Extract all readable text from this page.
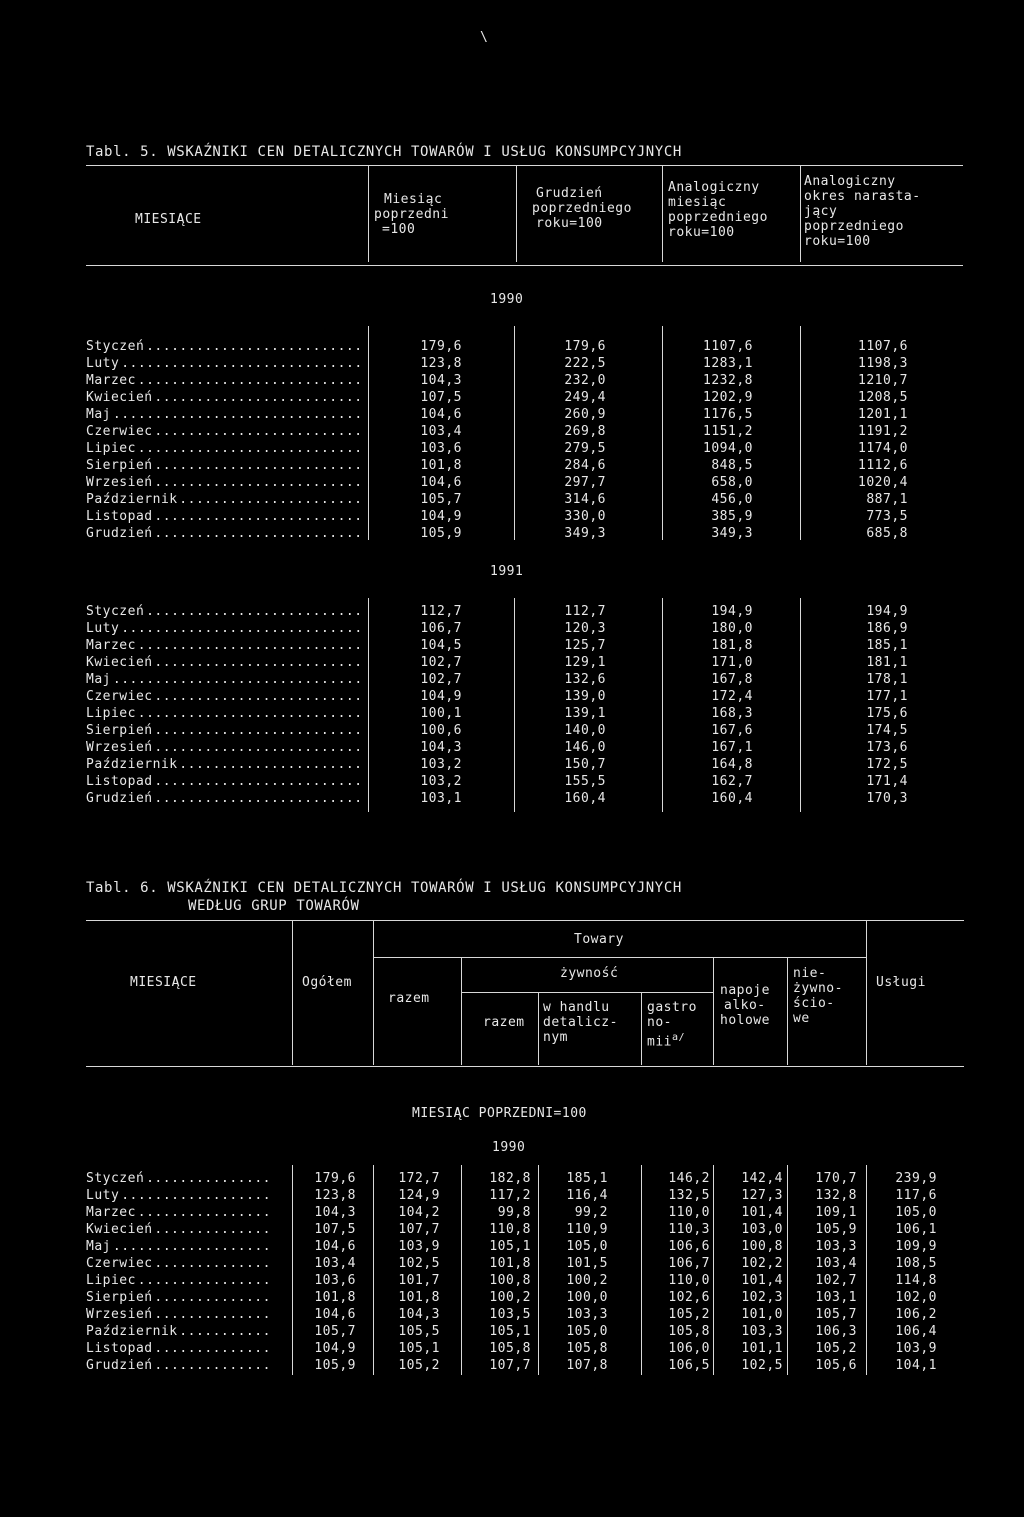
\
Tabl. 5. WSKAŹNIKI CEN DETALICZNYCH TOWARÓW I USŁUG KONSUMPCYJNYCH
MIESIĄCE
Miesiąc
poprzedni
=100
Grudzień
poprzedniego
roku=100
Analogiczny
miesiąc
poprzedniego
roku=100
Analogiczny
okres narasta-
jący
poprzedniego
roku=100
1990
Styczeń ..........................	179,6	179,6	1107,6	1107,6
Luty .............................	123,8	222,5	1283,1	1198,3
Marzec ...........................	104,3	232,0	1232,8	1210,7
Kwiecień .........................	107,5	249,4	1202,9	1208,5
Maj ..............................	104,6	260,9	1176,5	1201,1
Czerwiec .........................	103,4	269,8	1151,2	1191,2
Lipiec ...........................	103,6	279,5	1094,0	1174,0
Sierpień .........................	101,8	284,6	848,5	1112,6
Wrzesień .........................	104,6	297,7	658,0	1020,4
Październik ......................	105,7	314,6	456,0	887,1
Listopad .........................	104,9	330,0	385,9	773,5
Grudzień .........................	105,9	349,3	349,3	685,8
1991
Styczeń ..........................	112,7	112,7	194,9	194,9
Luty .............................	106,7	120,3	180,0	186,9
Marzec ...........................	104,5	125,7	181,8	185,1
Kwiecień .........................	102,7	129,1	171,0	181,1
Maj ..............................	102,7	132,6	167,8	178,1
Czerwiec .........................	104,9	139,0	172,4	177,1
Lipiec ...........................	100,1	139,1	168,3	175,6
Sierpień .........................	100,6	140,0	167,6	174,5
Wrzesień .........................	104,3	146,0	167,1	173,6
Październik ......................	103,2	150,7	164,8	172,5
Listopad .........................	103,2	155,5	162,7	171,4
Grudzień .........................	103,1	160,4	160,4	170,3
Tabl. 6. WSKAŹNIKI CEN DETALICZNYCH TOWARÓW I USŁUG KONSUMPCYJNYCH
WEDŁUG GRUP TOWARÓW
MIESIĄCE	Ogółem
Towary
razem
żywność
razem
w handlu
detalicz-
nym
gastro
no-
mii$^{a/}$
napoje
alko-
holowe
nie-
żywno-
ścio-
we
Usługi
MIESIĄC POPRZEDNI=100
1990
Styczeń ...............	179,6	172,7	182,8	185,1	146,2 142,4 170,7	239,9
Luty ..................	123,8	124,9	117,2	116,4	132,5 127,3 132,8	117,6
Marzec ................	104,3	104,2	99,8	99,2	110,0 101,4 109,1	105,0
Kwiecień ..............	107,5	107,7	110,8	110,9	110,3 103,0 105,9	106,1
Maj ...................	104,6	103,9	105,1	105,0	106,6 100,8 103,3	109,9
Czerwiec ..............	103,4	102,5	101,8	101,5	106,7 102,2 103,4	108,5
Lipiec ................	103,6	101,7	100,8	100,2	110,0 101,4 102,7	114,8
Sierpień ..............	101,8	101,8	100,2	100,0	102,6 102,3 103,1	102,0
Wrzesień ..............	104,6	104,3	103,5	103,3	105,2 101,0 105,7	106,2
Październik ...........	105,7	105,5	105,1	105,0	105,8 103,3 106,3	106,4
Listopad ..............	104,9	105,1	105,8	105,8	106,0 101,1 105,2	103,9
Grudzień ..............	105,9	105,2	107,7	107,8	106,5 102,5 105,6	104,1
